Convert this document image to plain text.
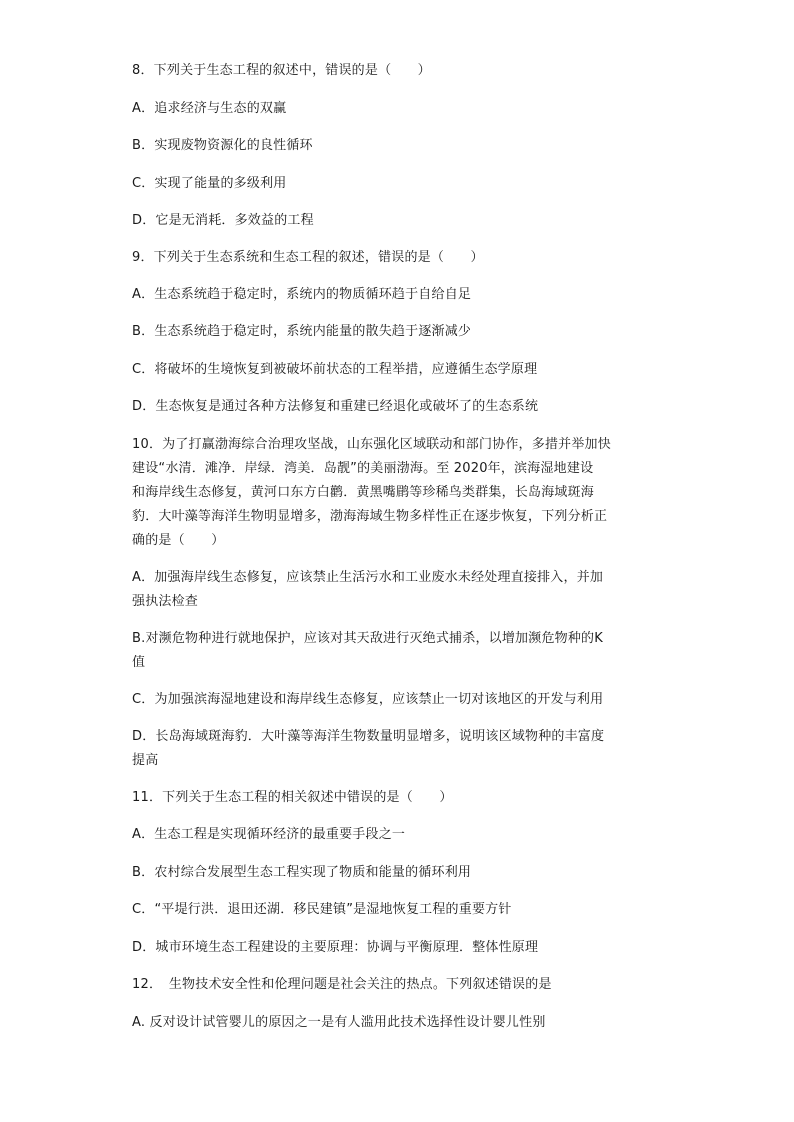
8．下列关于生态工程的叙述中，错误的是（　　）
A．追求经济与生态的双赢
B．实现废物资源化的良性循环
C．实现了能量的多级利用
D．它是无消耗．多效益的工程
9．下列关于生态系统和生态工程的叙述，错误的是（　　）
A．生态系统趋于稳定时，系统内的物质循环趋于自给自足
B．生态系统趋于稳定时，系统内能量的散失趋于逐渐减少
C．将破坏的生境恢复到被破坏前状态的工程举措，应遵循生态学原理
D．生态恢复是通过各种方法修复和重建已经退化或破坏了的生态系统
10．为了打赢渤海综合治理攻坚战，山东强化区域联动和部门协作，多措并举加快
建设“水清．滩净．岸绿．湾美．岛靓”的美丽渤海。至 2020年，滨海湿地建设
和海岸线生态修复，黄河口东方白鹳．黄黑嘴鹛等珍稀鸟类群集，长岛海域斑海
豹．大叶藻等海洋生物明显增多，渤海海域生物多样性正在逐步恢复，下列分析正
确的是（　　）
A．加强海岸线生态修复，应该禁止生活污水和工业废水未经处理直接排入，并加
强执法检查
B.对濒危物种进行就地保护，应该对其天敌进行灭绝式捕杀，以增加濒危物种的K
值
C．为加强滨海湿地建设和海岸线生态修复，应该禁止一切对该地区的开发与利用
D．长岛海域斑海豹．大叶藻等海洋生物数量明显增多，说明该区域物种的丰富度
提高
11．下列关于生态工程的相关叙述中错误的是（　　）
A．生态工程是实现循环经济的最重要手段之一
B．农村综合发展型生态工程实现了物质和能量的循环利用
C．“平堤行洪．退田还湖．移民建镇”是湿地恢复工程的重要方针
D．城市环境生态工程建设的主要原理：协调与平衡原理．整体性原理
12．　生物技术安全性和伦理问题是社会关注的热点。下列叙述错误的是
A. 反对设计试管婴儿的原因之一是有人滥用此技术选择性设计婴儿性别
